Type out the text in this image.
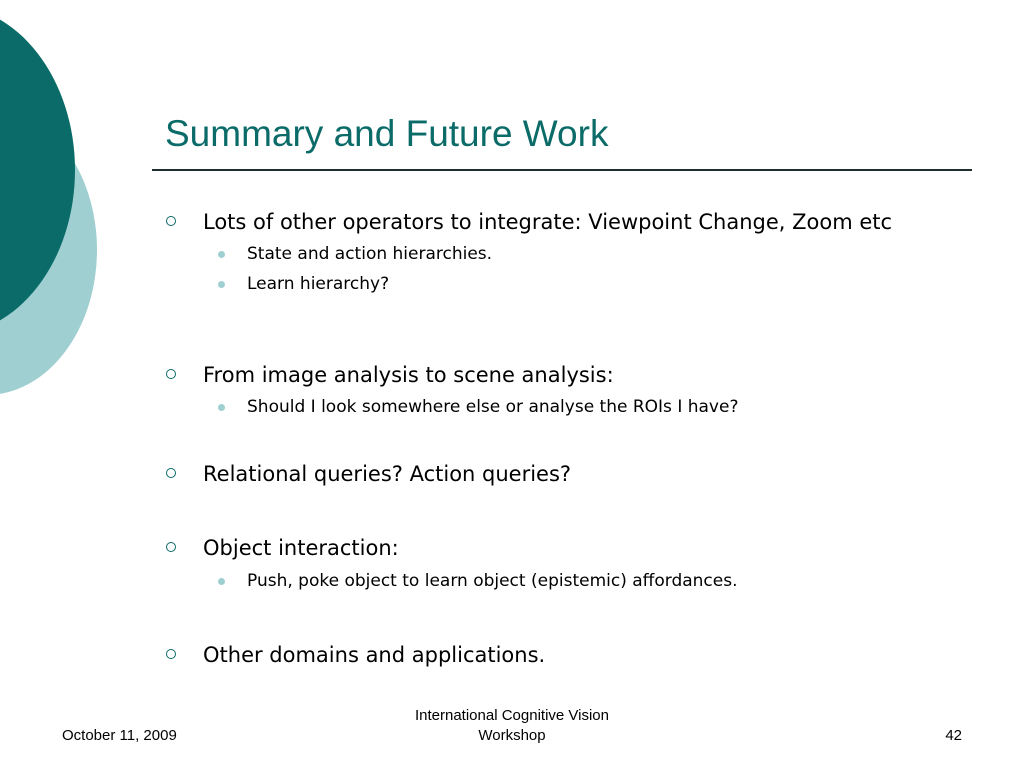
Summary and Future Work
Lots of other operators to integrate: Viewpoint Change, Zoom etc
State and action hierarchies.
Learn hierarchy?
From image analysis to scene analysis:
Should I look somewhere else or analyse the ROIs I have?
Relational queries? Action queries?
Object interaction:
Push, poke object to learn object (epistemic) affordances.
Other domains and applications.
October 11, 2009
International Cognitive Vision
Workshop	42
